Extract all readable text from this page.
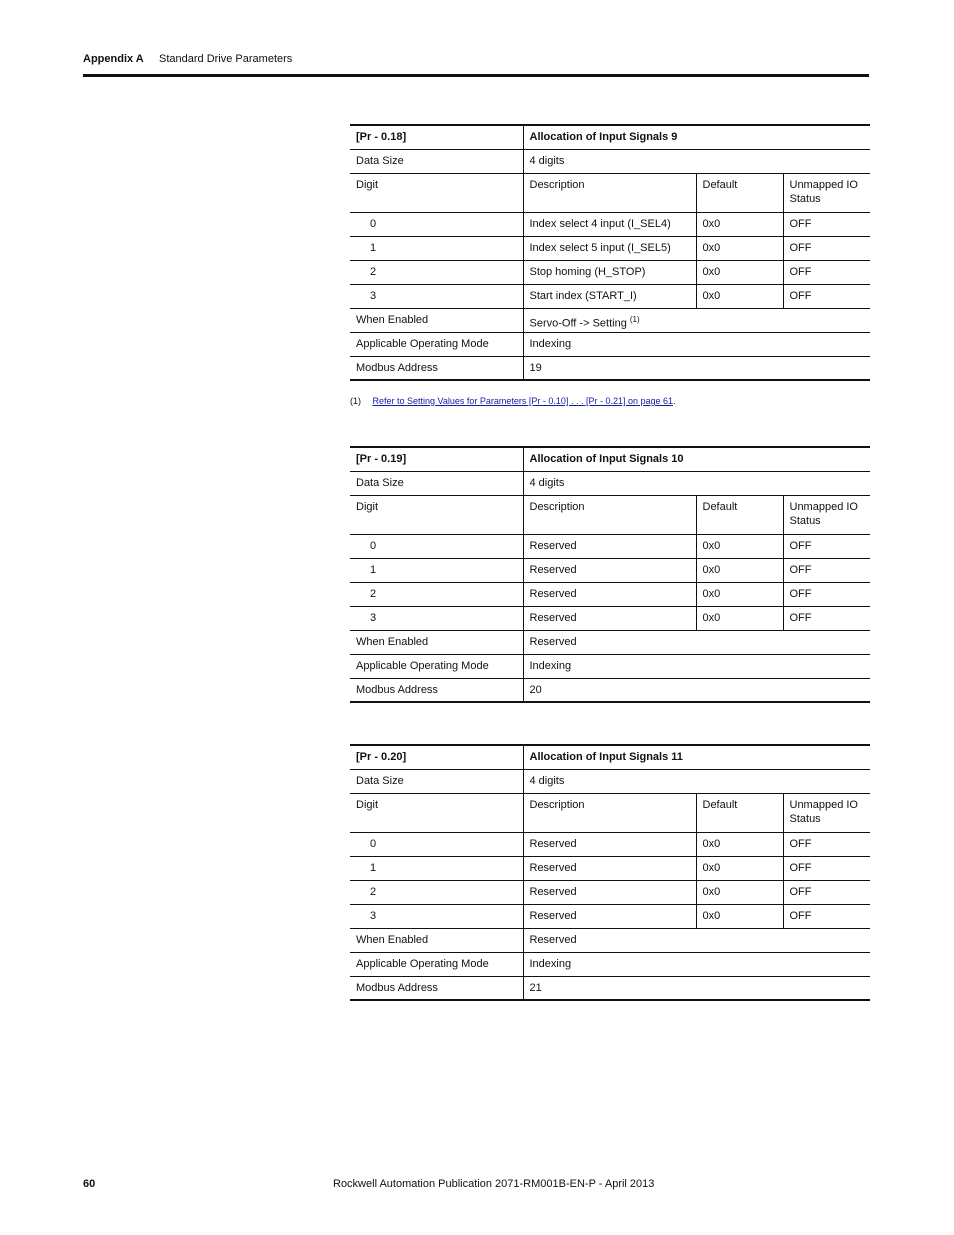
Appendix A Standard Drive Parameters
[Pr - 0.18]	Allocation of Input Signals 9		
Data Size	4 digits		
Digit	Description	Default	Unmapped IO
Status
0	Index select 4 input (I_SEL4)	0x0	OFF
1	Index select 5 input (I_SEL5)	0x0	OFF
2	Stop homing (H_STOP)	0x0	OFF
3	Start index (START_I)	0x0	OFF
When Enabled	Servo-Off -> Setting $^{(1)}$
Applicable Operating Mode	Indexing		
Modbus Address	19		
(1) Refer to Setting Values for Parameters [Pr - 0.10] . . . [Pr - 0.21] on page 61.
[Pr - 0.19]	Allocation of Input Signals 10		
Data Size	4 digits		
Digit	Description	Default	Unmapped IO
Status
0	Reserved	0x0	OFF
1	Reserved	0x0	OFF
2	Reserved	0x0	OFF
3	Reserved	0x0	OFF
When Enabled	Reserved		
Applicable Operating Mode	Indexing		
Modbus Address	20		
[Pr - 0.20]	Allocation of Input Signals 11		
Data Size	4 digits		
Digit	Description	Default	Unmapped IO
Status
0	Reserved	0x0	OFF
1	Reserved	0x0	OFF
2	Reserved	0x0	OFF
3	Reserved	0x0	OFF
When Enabled	Reserved		
Applicable Operating Mode	Indexing		
Modbus Address	21		
60	Rockwell Automation Publication 2071-RM001B-EN-P - April 2013
